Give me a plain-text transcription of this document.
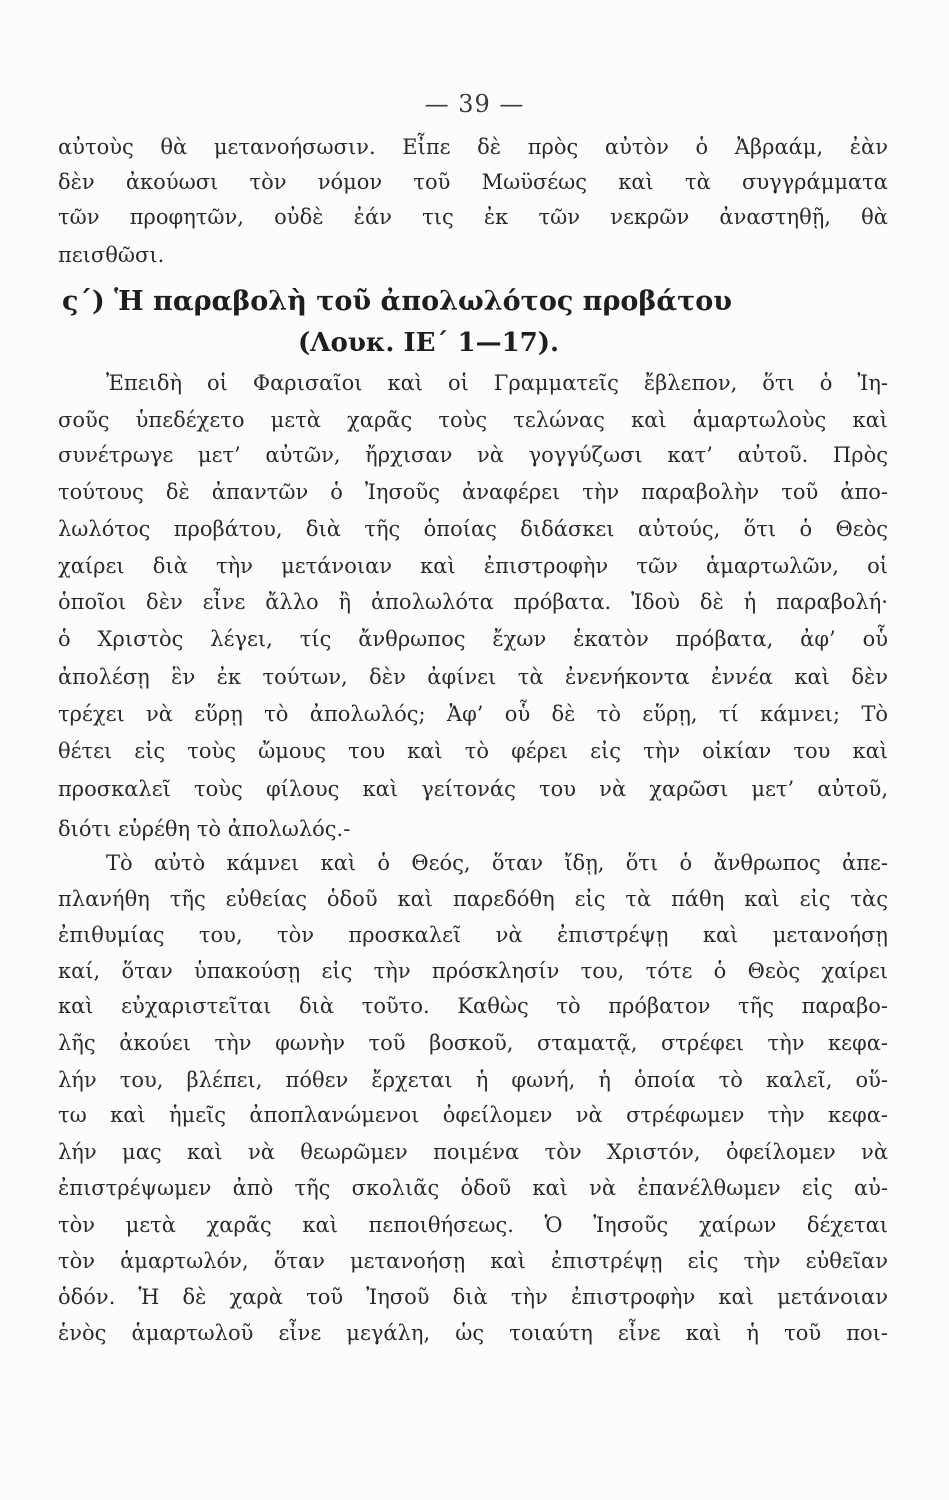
— 39 —
αὐτοὺς θὰ μετανοήσωσιν. Εἶπε δὲ πρὸς αὐτὸν ὁ Ἀβραάμ, ἐὰν
δὲν ἀκούωσι τὸν νόμον τοῦ Μωϋσέως καὶ τὰ συγγράμματα
τῶν προφητῶν, οὐδὲ ἐάν τις ἐκ τῶν νεκρῶν ἀναστηθῇ, θὰ
πεισθῶσι.
ς΄) Ἡ παραβολὴ τοῦ ἀπολωλότος προβάτου
(Λουκ. ΙΕ΄ 1—17).
Ἐπειδὴ οἱ Φαρισαῖοι καὶ οἱ Γραμματεῖς ἔβλεπον, ὅτι ὁ Ἰη-
σοῦς ὑπεδέχετο μετὰ χαρᾶς τοὺς τελώνας καὶ ἁμαρτωλοὺς καὶ
συνέτρωγε μετ’ αὐτῶν, ἤρχισαν νὰ γογγύζωσι κατ’ αὐτοῦ. Πρὸς
τούτους δὲ ἀπαντῶν ὁ Ἰησοῦς ἀναφέρει τὴν παραβολὴν τοῦ ἀπο-
λωλότος προβάτου, διὰ τῆς ὁποίας διδάσκει αὐτούς, ὅτι ὁ Θεὸς
χαίρει διὰ τὴν μετάνοιαν καὶ ἐπιστροφὴν τῶν ἁμαρτωλῶν, οἱ
ὁποῖοι δὲν εἶνε ἄλλο ἢ ἀπολωλότα πρόβατα. Ἰδοὺ δὲ ἡ παραβολή·
ὁ Χριστὸς λέγει, τίς ἄνθρωπος ἔχων ἑκατὸν πρόβατα, ἀφ’ οὗ
ἀπολέσῃ ἓν ἐκ τούτων, δὲν ἀφίνει τὰ ἐνενήκοντα ἐννέα καὶ δὲν
τρέχει νὰ εὕρῃ τὸ ἀπολωλός; Ἀφ’ οὗ δὲ τὸ εὕρῃ, τί κάμνει; Τὸ
θέτει εἰς τοὺς ὤμους του καὶ τὸ φέρει εἰς τὴν οἰκίαν του καὶ
προσκαλεῖ τοὺς φίλους καὶ γείτονάς του νὰ χαρῶσι μετ’ αὐτοῦ,
διότι εὑρέθη τὸ ἀπολωλός.-
Τὸ αὐτὸ κάμνει καὶ ὁ Θεός, ὅταν ἴδῃ, ὅτι ὁ ἄνθρωπος ἀπε-
πλανήθη τῆς εὐθείας ὁδοῦ καὶ παρεδόθη εἰς τὰ πάθη καὶ εἰς τὰς
ἐπιθυμίας του, τὸν προσκαλεῖ νὰ ἐπιστρέψῃ καὶ μετανοήσῃ
καί, ὅταν ὑπακούσῃ εἰς τὴν πρόσκλησίν του, τότε ὁ Θεὸς χαίρει
καὶ εὐχαριστεῖται διὰ τοῦτο. Καθὼς τὸ πρόβατον τῆς παραβο-
λῆς ἀκούει τὴν φωνὴν τοῦ βοσκοῦ, σταματᾷ, στρέφει τὴν κεφα-
λήν του, βλέπει, πόθεν ἔρχεται ἡ φωνή, ἡ ὁποία τὸ καλεῖ, οὕ-
τω καὶ ἡμεῖς ἀποπλανώμενοι ὀφείλομεν νὰ στρέφωμεν τὴν κεφα-
λήν μας καὶ νὰ θεωρῶμεν ποιμένα τὸν Χριστόν, ὀφείλομεν νὰ
ἐπιστρέψωμεν ἀπὸ τῆς σκολιᾶς ὁδοῦ καὶ νὰ ἐπανέλθωμεν εἰς αὐ-
τὸν μετὰ χαρᾶς καὶ πεποιθήσεως. Ὁ Ἰησοῦς χαίρων δέχεται
τὸν ἁμαρτωλόν, ὅταν μετανοήσῃ καὶ ἐπιστρέψῃ εἰς τὴν εὐθεῖαν
ὁδόν. Ἡ δὲ χαρὰ τοῦ Ἰησοῦ διὰ τὴν ἐπιστροφὴν καὶ μετάνοιαν
ἑνὸς ἁμαρτωλοῦ εἶνε μεγάλη, ὡς τοιαύτη εἶνε καὶ ἡ τοῦ ποι-
